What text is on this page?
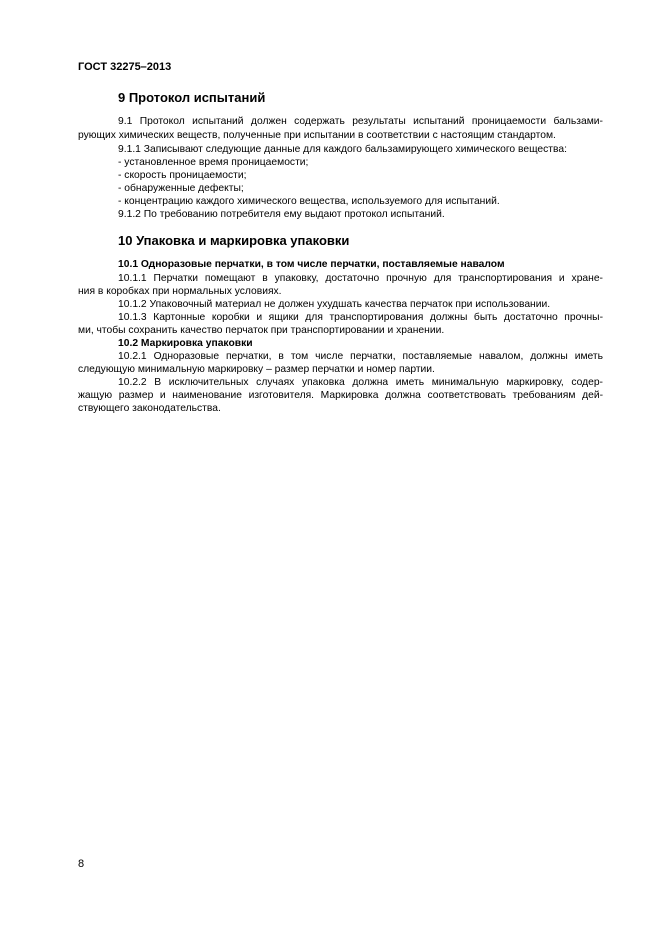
ГОСТ 32275–2013
9 Протокол испытаний
9.1 Протокол испытаний должен содержать результаты испытаний проницаемости бальзами-
рующих химических веществ, полученные при испытании в соответствии с настоящим стандартом.
9.1.1 Записывают следующие данные для каждого бальзамирующего химического вещества:
- установленное время проницаемости;
- скорость проницаемости;
- обнаруженные дефекты;
- концентрацию каждого химического вещества, используемого для испытаний.
9.1.2 По требованию потребителя ему выдают протокол испытаний.
10 Упаковка и маркировка упаковки
10.1 Одноразовые перчатки, в том числе перчатки, поставляемые навалом
10.1.1 Перчатки помещают в упаковку, достаточно прочную для транспортирования и хране-
ния в коробках при нормальных условиях.
10.1.2 Упаковочный материал не должен ухудшать качества перчаток при использовании.
10.1.3 Картонные коробки и ящики для транспортирования должны быть достаточно прочны-
ми, чтобы сохранить качество перчаток при транспортировании и хранении.
10.2 Маркировка упаковки
10.2.1 Одноразовые перчатки, в том числе перчатки, поставляемые навалом, должны иметь
следующую минимальную маркировку – размер перчатки и номер партии.
10.2.2 В исключительных случаях упаковка должна иметь минимальную маркировку, содер-
жащую размер и наименование изготовителя. Маркировка должна соответствовать требованиям дей-
ствующего законодательства.
8
